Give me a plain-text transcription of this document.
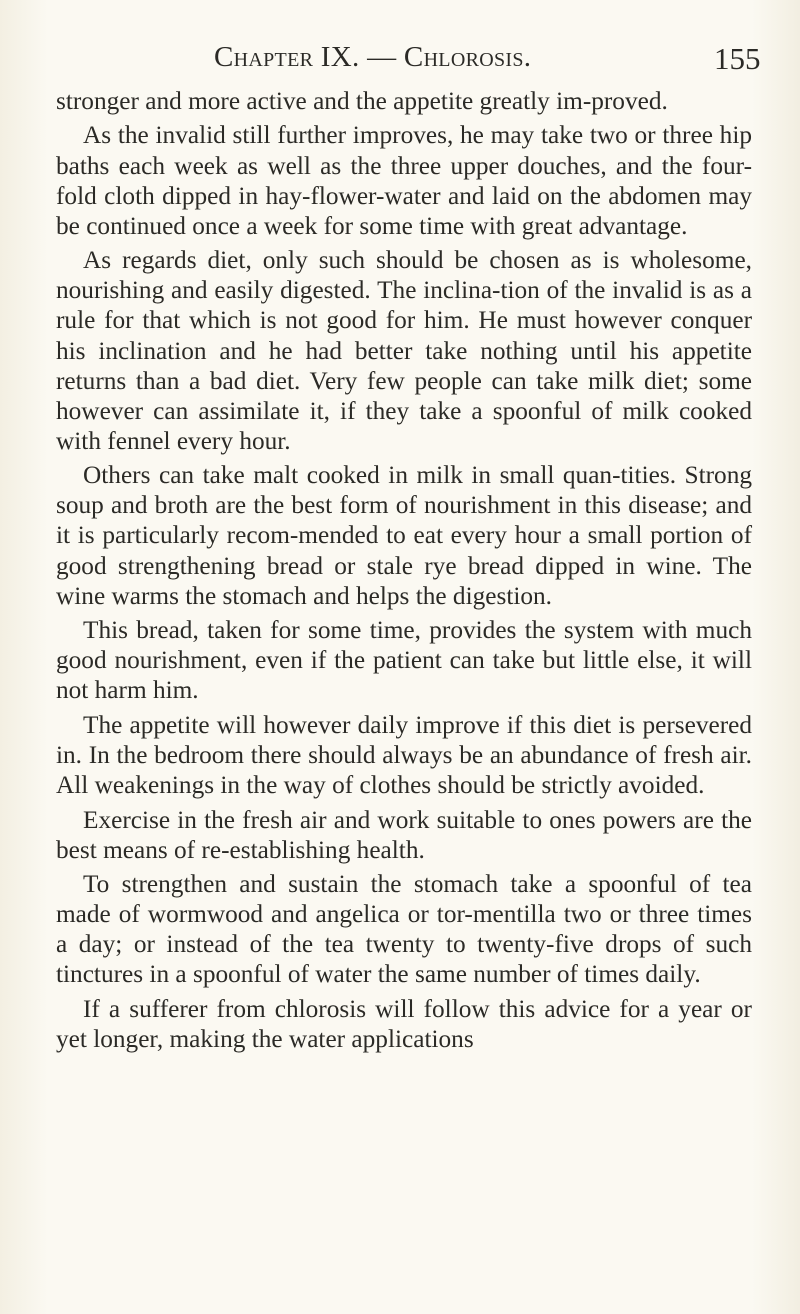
Chapter IX. — Chlorosis.	155

stronger and more active and the appetite greatly im-proved.

As the invalid still further improves, he may take two or three hip baths each week as well as the three upper douches, and the four-fold cloth dipped in hay-flower-water and laid on the abdomen may be continued once a week for some time with great advantage.

As regards diet, only such should be chosen as is wholesome, nourishing and easily digested. The inclina-tion of the invalid is as a rule for that which is not good for him. He must however conquer his inclination and he had better take nothing until his appetite returns than a bad diet. Very few people can take milk diet; some however can assimilate it, if they take a spoonful of milk cooked with fennel every hour.

Others can take malt cooked in milk in small quan-tities. Strong soup and broth are the best form of nourishment in this disease; and it is particularly recom-mended to eat every hour a small portion of good strengthening bread or stale rye bread dipped in wine. The wine warms the stomach and helps the digestion.

This bread, taken for some time, provides the system with much good nourishment, even if the patient can take but little else, it will not harm him.

The appetite will however daily improve if this diet is persevered in. In the bedroom there should always be an abundance of fresh air. All weakenings in the way of clothes should be strictly avoided.

Exercise in the fresh air and work suitable to ones powers are the best means of re-establishing health.

To strengthen and sustain the stomach take a spoonful of tea made of wormwood and angelica or tor-mentilla two or three times a day; or instead of the tea twenty to twenty-five drops of such tinctures in a spoonful of water the same number of times daily.

If a sufferer from chlorosis will follow this advice for a year or yet longer, making the water applications
